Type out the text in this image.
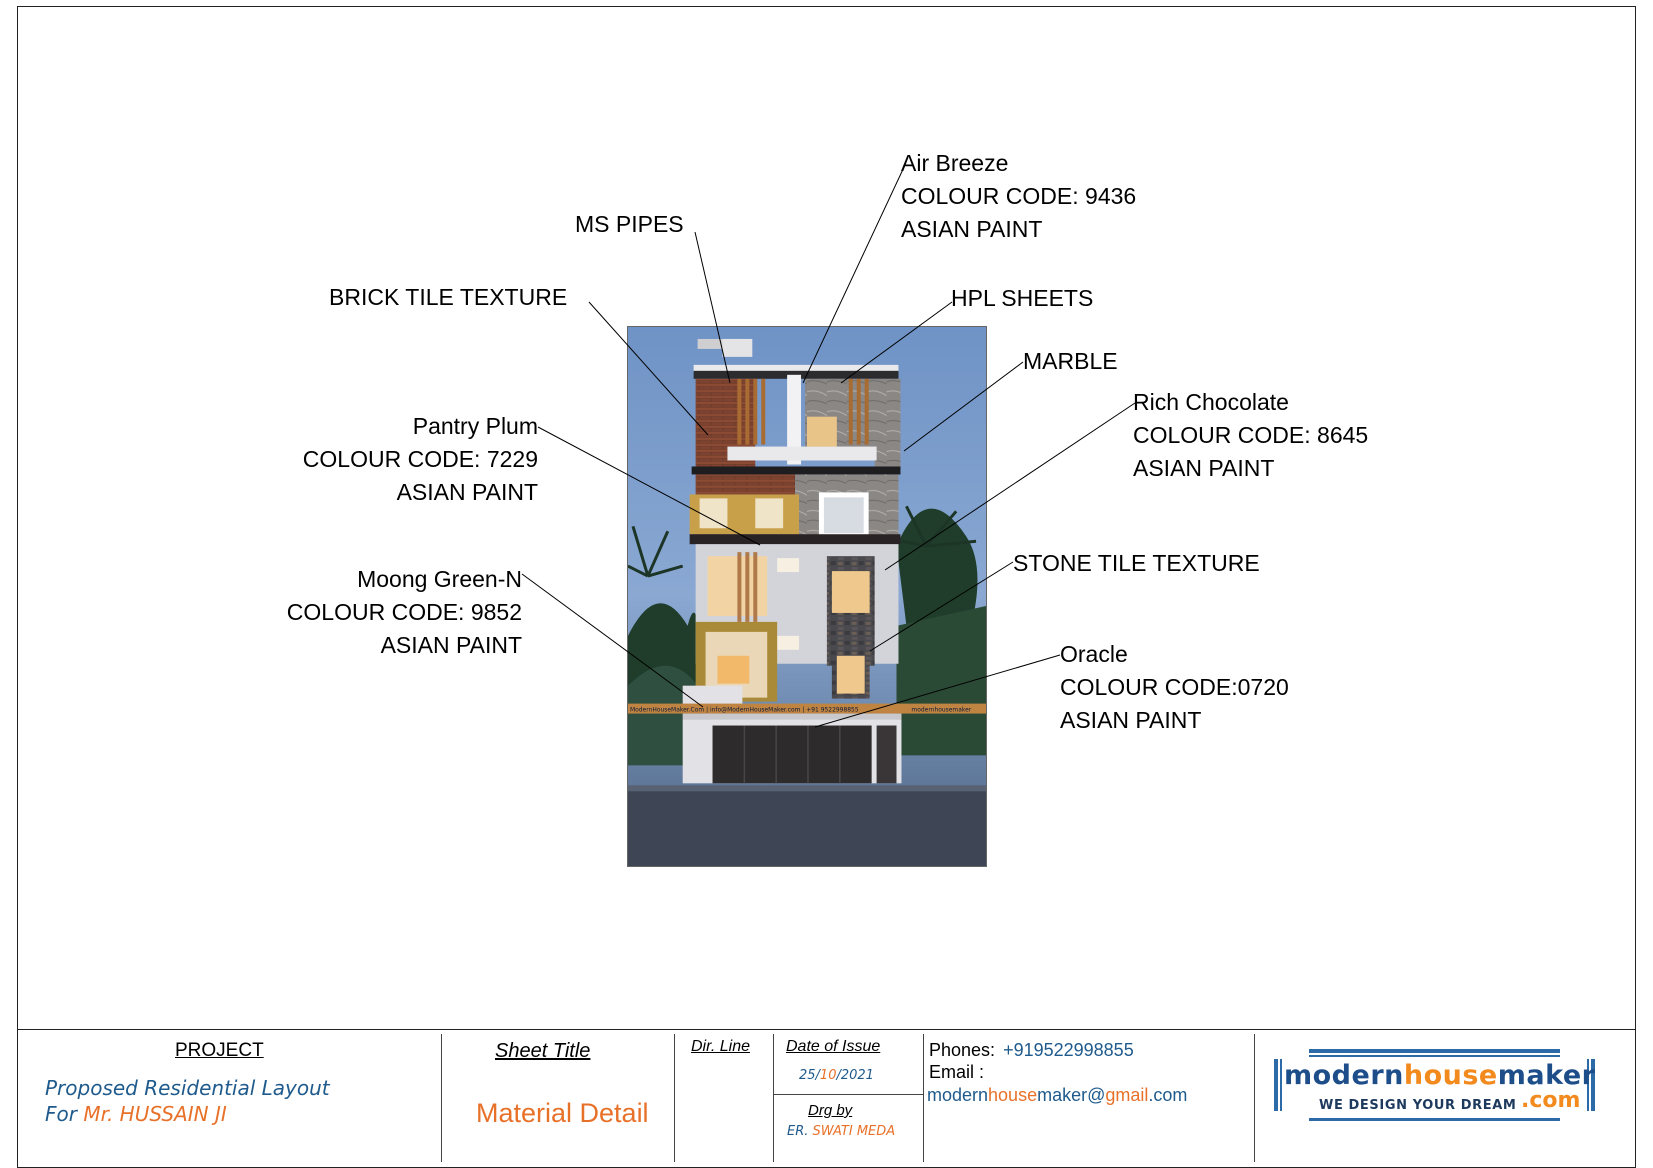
ModernHouseMaker.Com | info@ModernHouseMaker.com | +91 9522998855	modernhousemaker
Air Breeze
COLOUR CODE: 9436
ASIAN PAINT
MS PIPES
BRICK TILE TEXTURE	HPL SHEETS
MARBLE
Pantry Plum
COLOUR CODE: 7229
ASIAN PAINT
Rich Chocolate
COLOUR CODE: 8645
ASIAN PAINT
STONE TILE TEXTURE
Moong Green-N
COLOUR CODE: 9852
ASIAN PAINT	Oracle
COLOUR CODE:0720
ASIAN PAINT
PROJECT
Proposed Residential Layout
For Mr. HUSSAIN JI
Sheet Title
Material Detail
Dir. Line Date of Issue
25/10/2021
Drg by
ER. SWATI MEDA
Phones: +919522998855
Email :
modernhousemaker@gmail.com
modernhousemaker
WE DESIGN YOUR DREAM .com
